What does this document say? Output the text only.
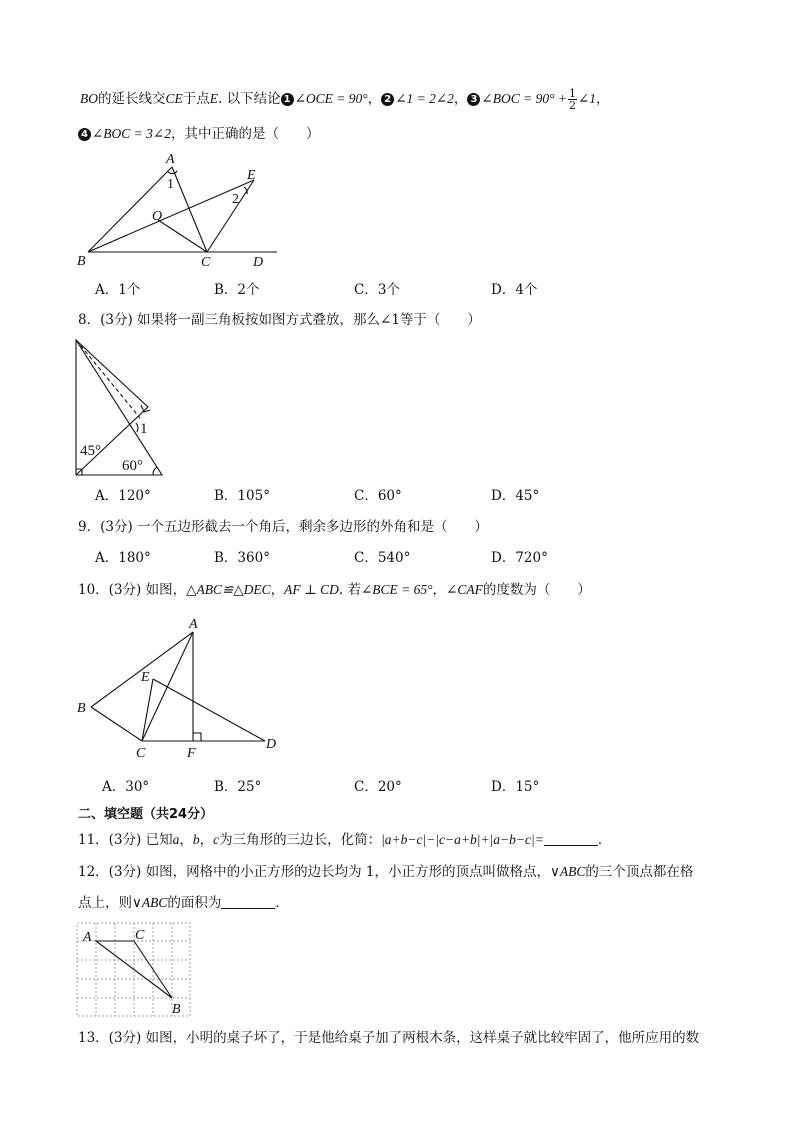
BO的延长线交CE于点E. 以下结论 1 ∠OCE = 90°， 2 ∠1 = 2∠2， 3 ∠BOC = $90^\circ + \frac{1}{2}$ ∠1，
4 ∠BOC = 3∠2，其中正确的是（　　）
A
E
O
B	C	D
1
2
A．1个	B．2个	C．3个	D．4个
8．(3分) 如果将一副三角板按如图方式叠放，那么∠1等于（　　）
45°
60°
1
A．120°	B．105°	C．60°	D．45°
9．(3分) 一个五边形截去一个角后，剩余多边形的外角和是（　　）
A．180°	B．360°	C．540°	D．720°
10．(3分) 如图，△ABC≌△DEC，AF ⊥ CD. 若∠BCE = 65°，∠CAF的度数为（　　）
A
E
B
C	F
D
A．30°	B．25°	C．20°	D．15°
二、填空题（共24分）
11．(3分) 已知a，b，c为三角形的三边长，化简：|a+b−c|−|c−a+b|+|a−b−c|=	．
12．(3分) 如图，网格中的小正方形的边长均为 1，小正方形的顶点叫做格点，∨ABC的三个顶点都在格
点上，则∨ABC的面积为	．
A	C
B
13．(3分) 如图，小明的桌子坏了，于是他给桌子加了两根木条，这样桌子就比较牢固了，他所应用的数
